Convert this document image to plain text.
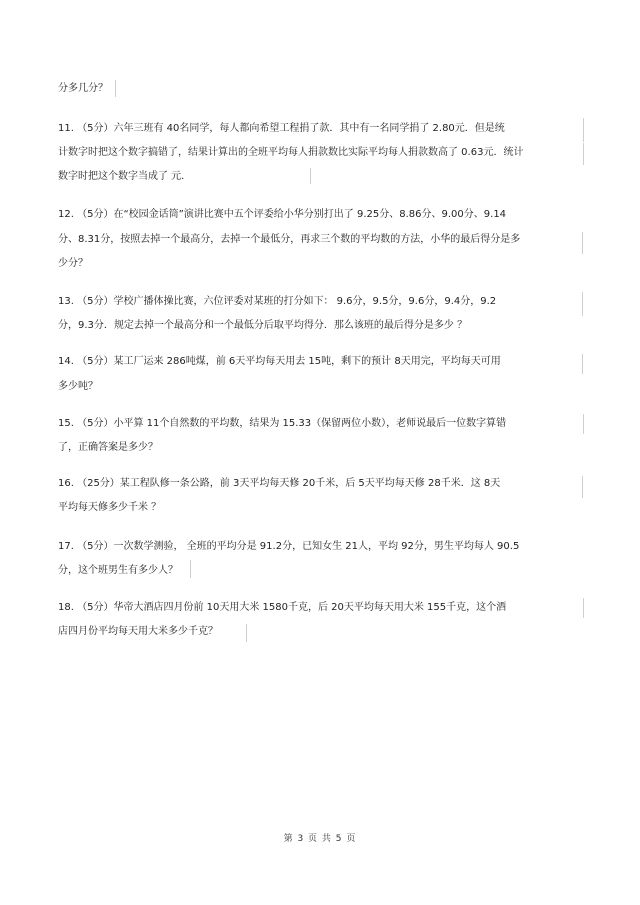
分多几分？
11. （5分）六年三班有 40名同学，每人都向希望工程捐了款．其中有一名同学捐了 2.80元．但是统
计数字时把这个数字搞错了，结果计算出的全班平均每人捐款数比实际平均每人捐款数高了 0.63元．统计
数字时把这个数字当成了 元．
12. （5分）在“校园金话筒”演讲比赛中五个评委给小华分别打出了 9.25分、8.86分、9.00分、9.14
分、8.31分，按照去掉一个最高分，去掉一个最低分，再求三个数的平均数的方法，小华的最后得分是多
少分？
13. （5分）学校广播体操比赛，六位评委对某班的打分如下： 9.6分，9.5分，9.6分，9.4分，9.2
分，9.3分．规定去掉一个最高分和一个最低分后取平均得分．那么该班的最后得分是多少 ？
14. （5分）某工厂运来 286吨煤，前 6天平均每天用去 15吨，剩下的预计 8天用完，平均每天可用
多少吨？
15. （5分）小平算 11个自然数的平均数，结果为 15.33（保留两位小数），老师说最后一位数字算错
了，正确答案是多少？
16. （25分）某工程队修一条公路，前 3天平均每天修 20千米，后 5天平均每天修 28千米．这 8天
平均每天修多少千米 ？
17. （5分）一次数学测验， 全班的平均分是 91.2分，已知女生 21人，平均 92分，男生平均每人 90.5
分，这个班男生有多少人？
18. （5分）华帝大酒店四月份前 10天用大米 1580千克，后 20天平均每天用大米 155千克，这个酒
店四月份平均每天用大米多少千克？
第 3 页 共 5 页
